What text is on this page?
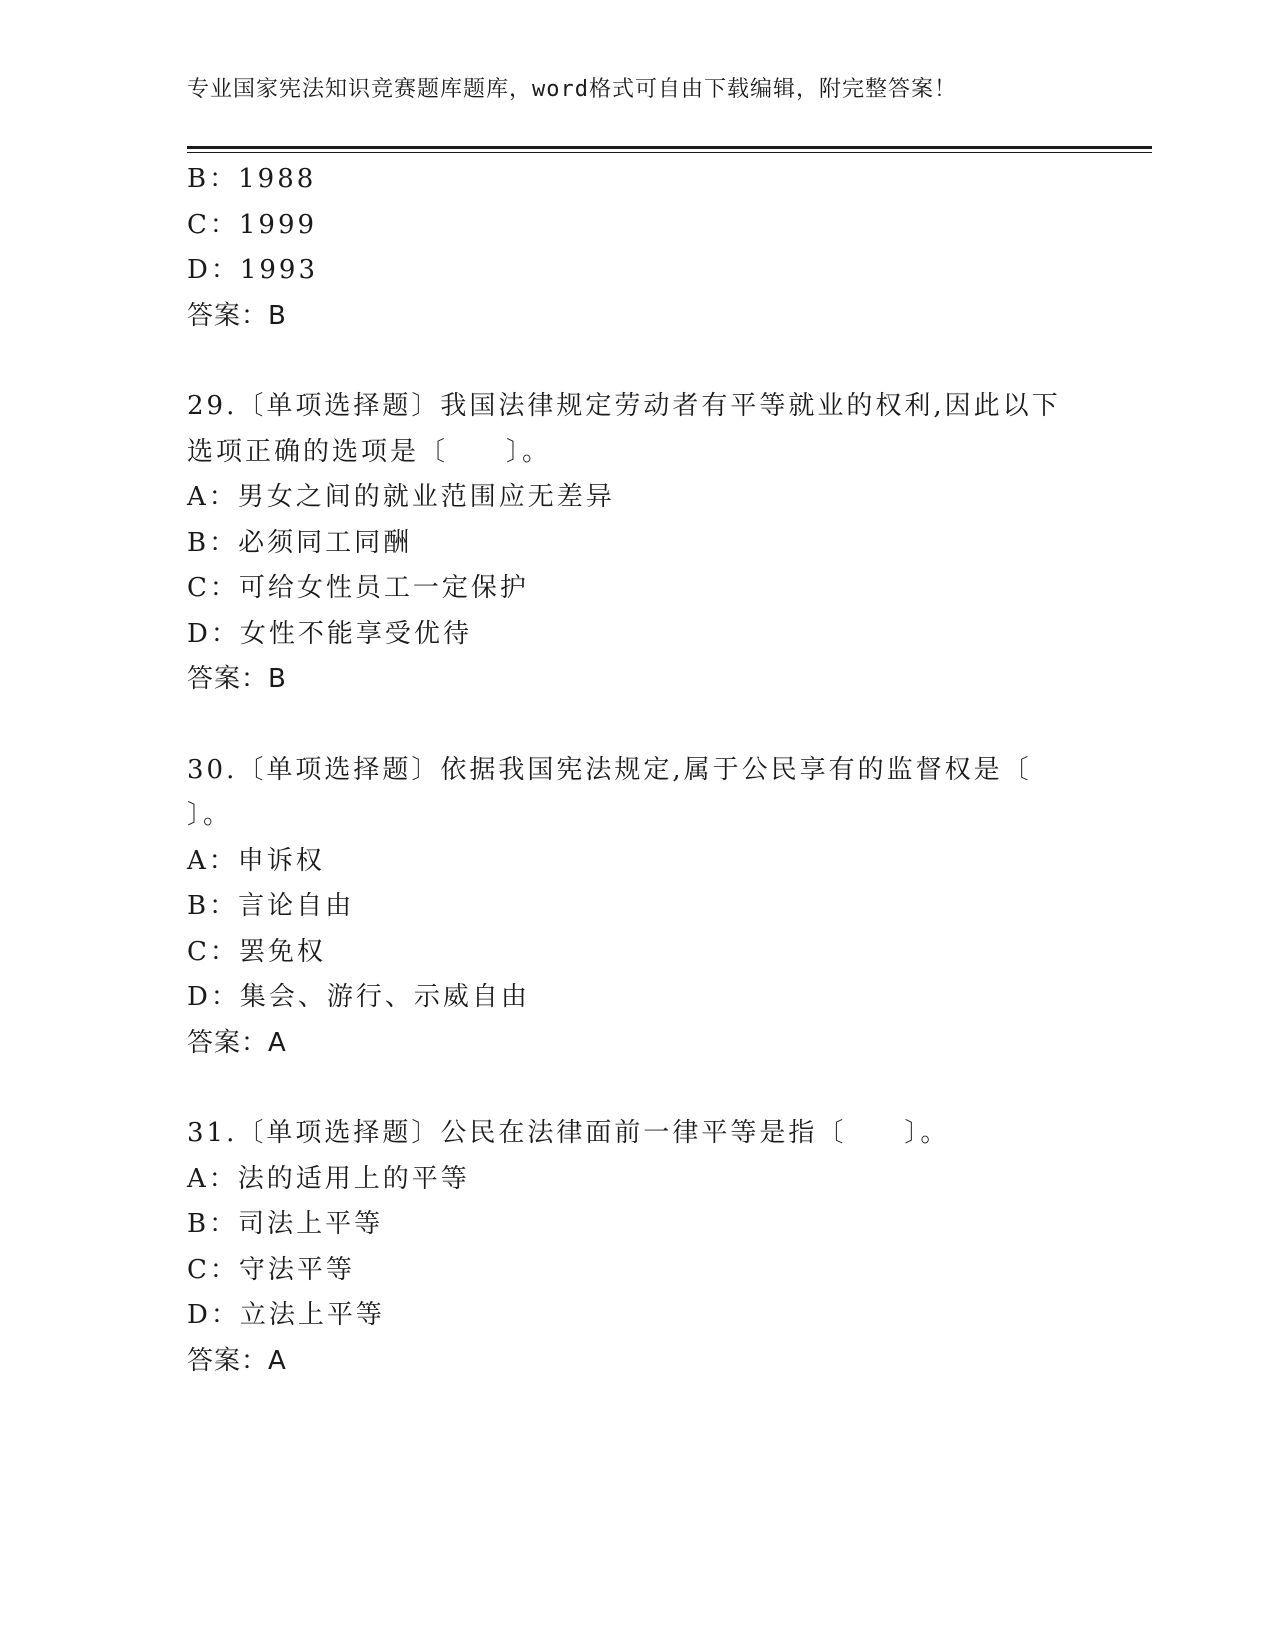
专业国家宪法知识竞赛题库题库，word格式可自由下载编辑，附完整答案！
B：1988
C：1999
D：1993
答案：B
29.〔单项选择题〕我国法律规定劳动者有平等就业的权利,因此以下
选项正确的选项是〔　　〕。
A：男女之间的就业范围应无差异
B：必须同工同酬
C：可给女性员工一定保护
D：女性不能享受优待
答案：B
30.〔单项选择题〕依据我国宪法规定,属于公民享有的监督权是〔
〕。
A：申诉权
B：言论自由
C：罢免权
D：集会、游行、示威自由
答案：A
31.〔单项选择题〕公民在法律面前一律平等是指〔　　〕。
A：法的适用上的平等
B：司法上平等
C：守法平等
D：立法上平等
答案：A
